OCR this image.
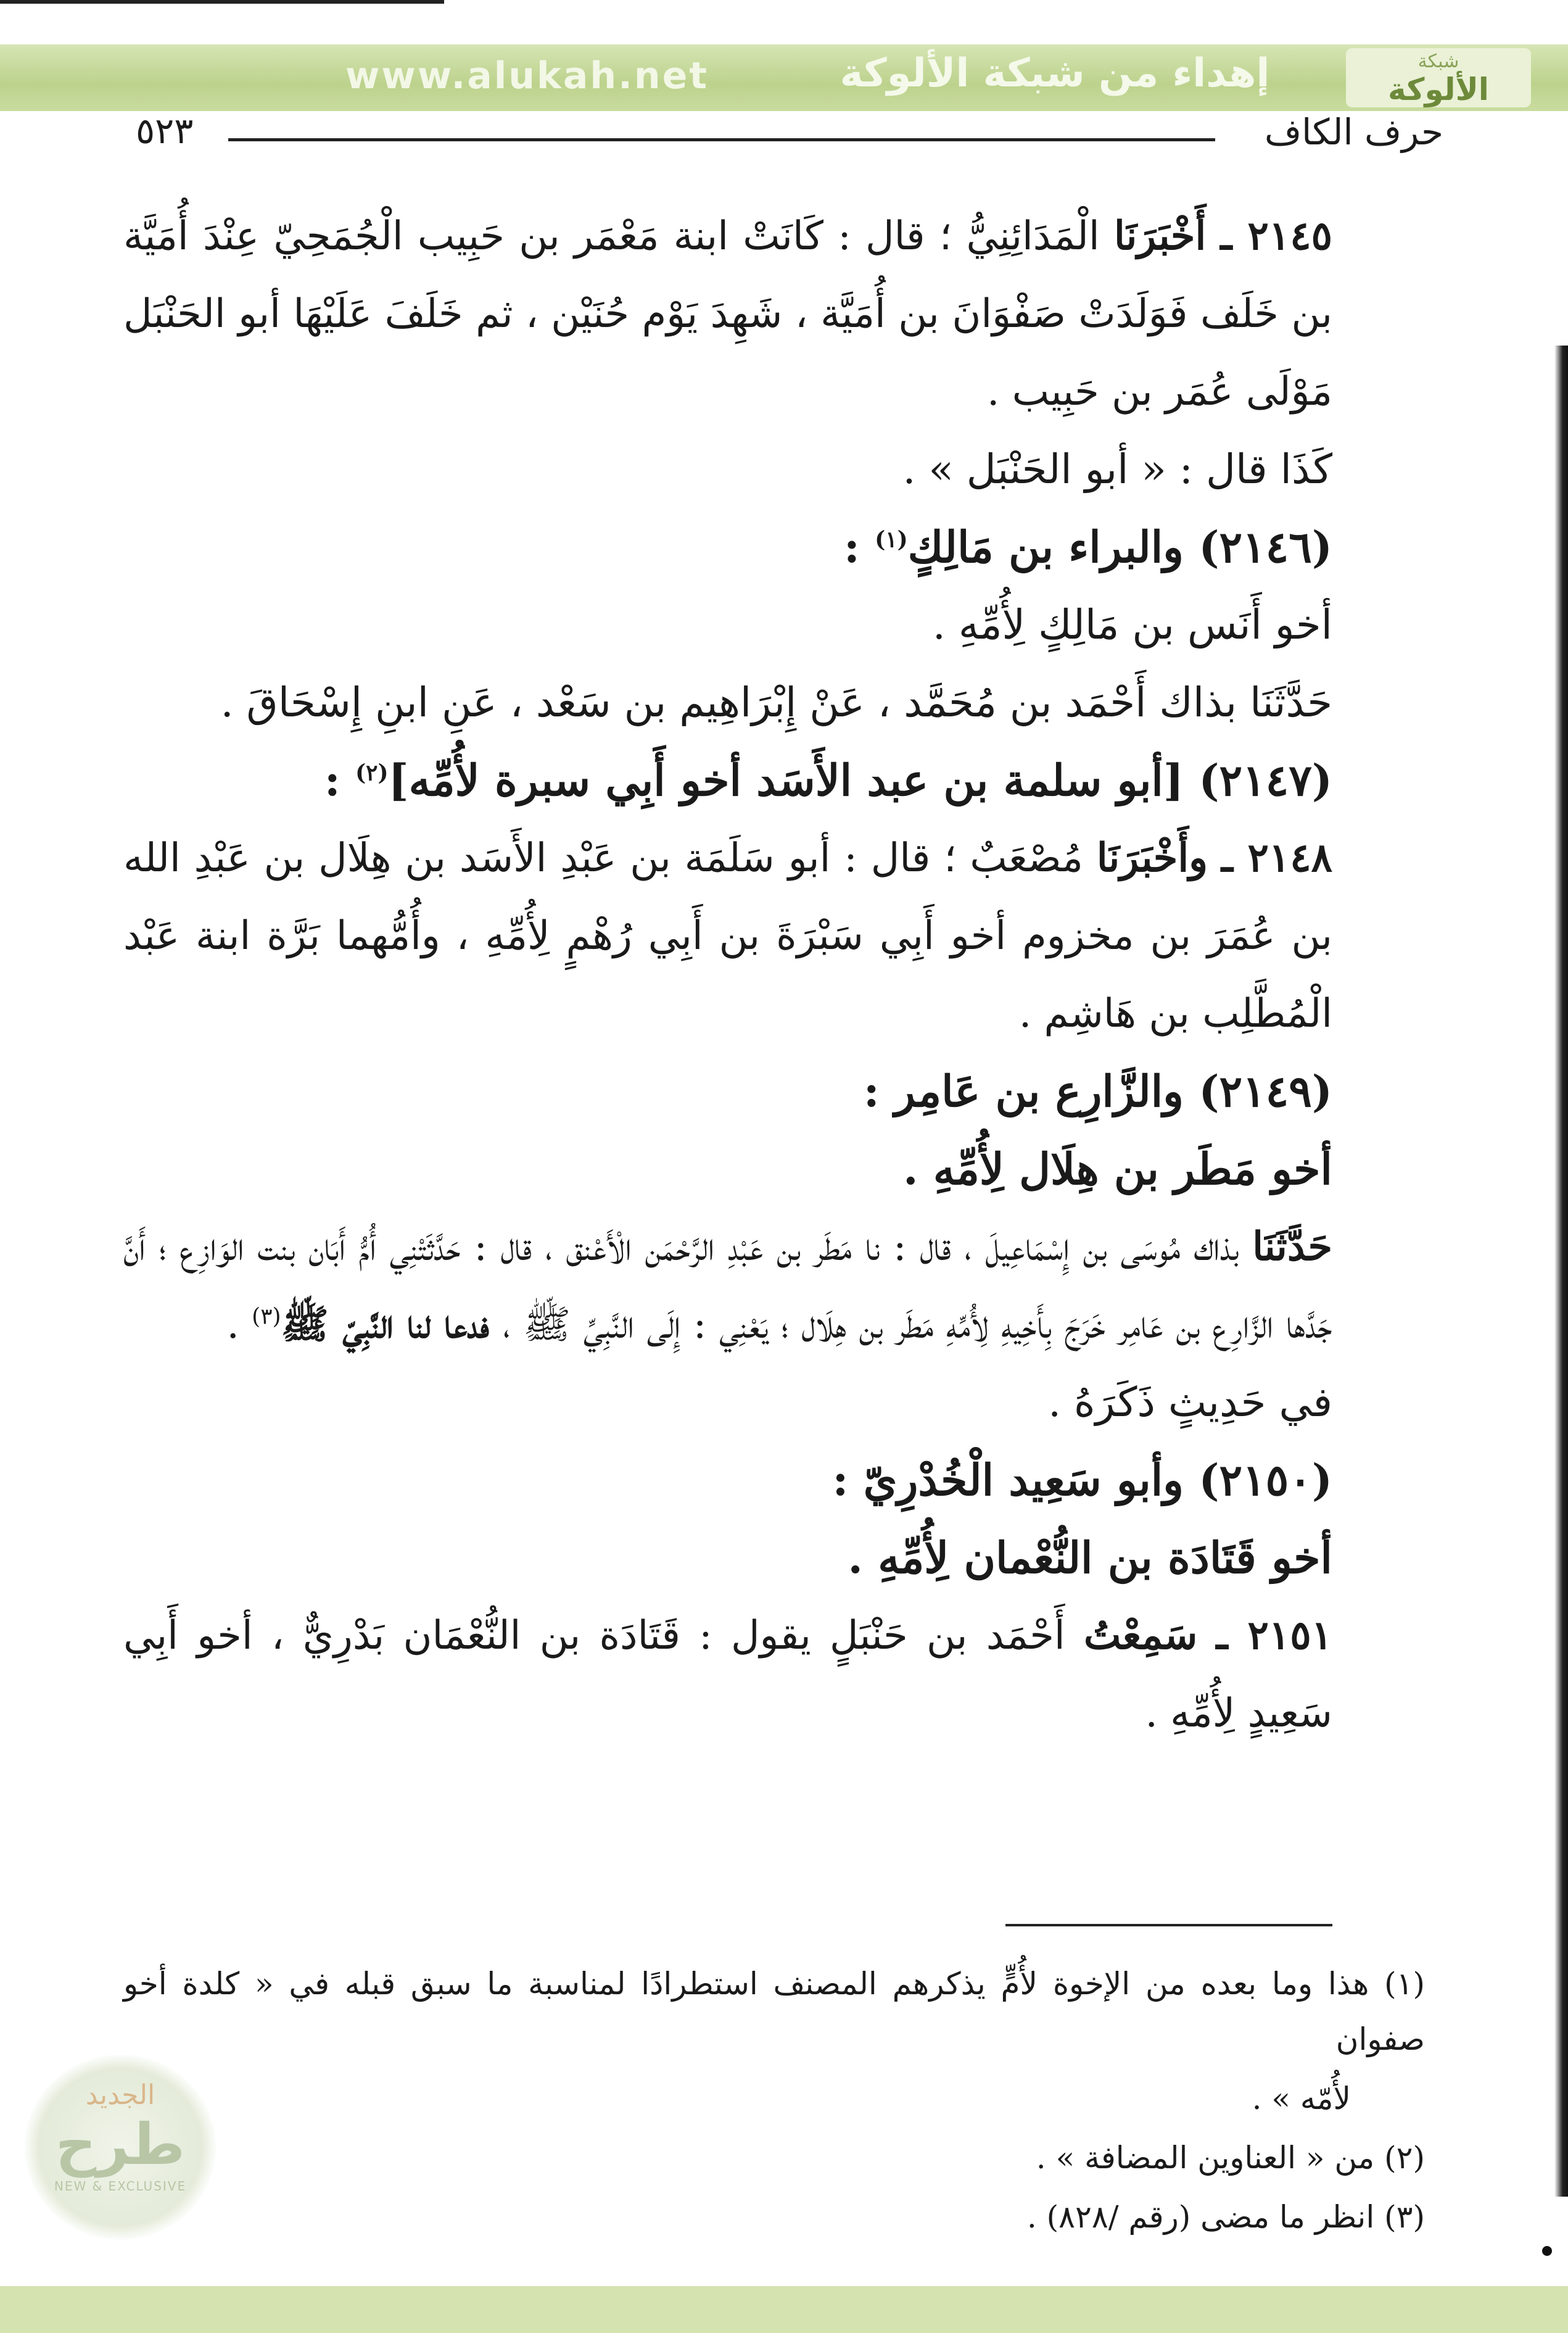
www.alukah.net	إهداء من شبكة الألوكة	شبكة
الألوكة
حرف الكاف
٥٢٣

٢١٤٥ ـ أَخْبَرَنَا الْمَدَائِنِيُّ ؛ قال : كَانَتْ ابنة مَعْمَر بن حَبِيب الْجُمَحِيّ عِنْدَ أُمَيَّة بن خَلَف فَوَلَدَتْ صَفْوَانَ بن أُمَيَّة ، شَهِدَ يَوْم حُنَيْن ، ثم خَلَفَ عَلَيْهَا أبو الحَنْبَل مَوْلَى عُمَر بن حَبِيب .

كَذَا قال : « أبو الحَنْبَل » .

(٢١٤٦) والبراء بن مَالِكٍ$^{(١)}$ :

أخو أَنَس بن مَالِكٍ لِأُمِّهِ .

حَدَّثَنَا بذاك أَحْمَد بن مُحَمَّد ، عَنْ إِبْرَاهِيم بن سَعْد ، عَنِ ابنِ إِسْحَاقَ .

(٢١٤٧) [أبو سلمة بن عبد الأَسَد أخو أَبِي سبرة لأُمِّه]$^{(٢)}$ :

٢١٤٨ ـ وأَخْبَرَنَا مُصْعَبٌ ؛ قال : أبو سَلَمَة بن عَبْدِ الأَسَد بن هِلَال بن عَبْدِ الله بن عُمَرَ بن مخزوم أخو أَبِي سَبْرَةَ بن أَبِي رُهْمٍ لِأُمِّهِ ، وأُمُّهما بَرَّة ابنة عَبْد الْمُطَّلِب بن هَاشِم .

(٢١٤٩) والزَّارِع بن عَامِر :

أخو مَطَر بن هِلَال لِأُمِّهِ .

حَدَّثَنَا بذاك مُوسَى بن إِسْمَاعِيلَ ، قال : نا مَطَر بن عَبْدِ الرَّحْمَن الْأَعْنق ، قال : حَدَّثَتْنِي أُمُّ أَبَان بنت الوَازِع ؛ أَنَّ جَدَّها الزَّارِع بن عَامِر خَرَجَ بِأَخِيهِ لِأُمِّهِ مَطَر بن هِلَال ؛ يَعْنِي : إِلَى النَّبِيِّ ﷺ ، فدعا لنا النَّبِيّ ﷺ$^{(٣)}$ .

في حَدِيثٍ ذَكَرَهُ .

(٢١٥٠) وأبو سَعِيد الْخُدْرِيّ :

أخو قَتَادَة بن النُّعْمان لِأُمِّهِ .

٢١٥١ ـ سَمِعْتُ أَحْمَد بن حَنْبَلٍ يقول : قَتَادَة بن النُّعْمَان بَدْرِيٌّ ، أخو أَبِي سَعِيدٍ لِأُمِّهِ .

(١) هذا وما بعده من الإخوة لأُمٍّ يذكرهم المصنف استطرادًا لمناسبة ما سبق قبله في « كلدة أخو صفوان

لأُمّه » .

(٢) من « العناوين المضافة » .

(٣) انظر ما مضى (رقم /٨٢٨) .

الجديد
طرح
NEW & EXCLUSIVE
